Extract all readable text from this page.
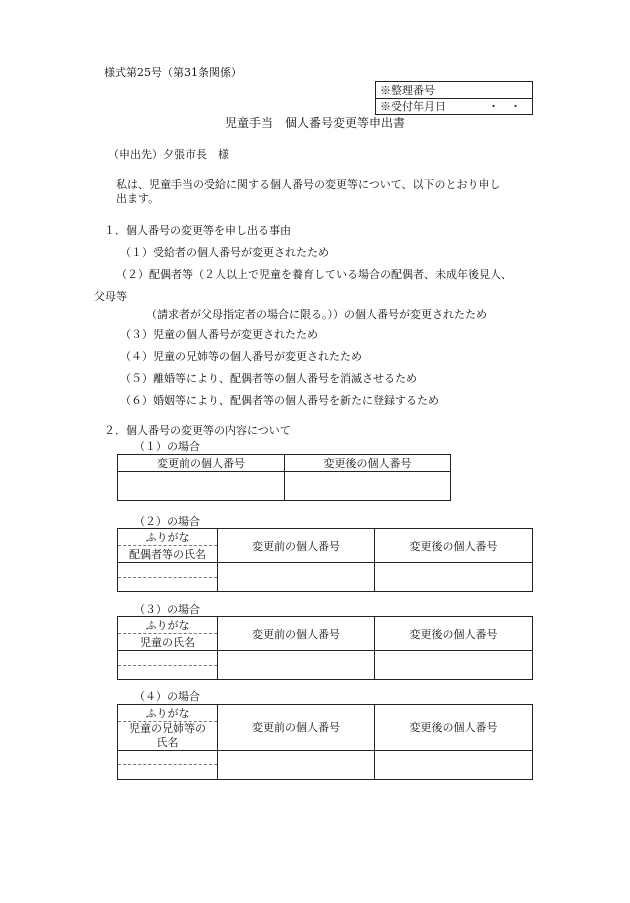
様式第25号（第31条関係）
※整理番号
※受付年月日	・　・
児童手当　個人番号変更等申出書
（申出先）夕張市長　様
私は、児童手当の受給に関する個人番号の変更等について、以下のとおり申し
出ます。
１．個人番号の変更等を申し出る事由
（１）受給者の個人番号が変更されたため
（２）配偶者等（２人以上で児童を養育している場合の配偶者、未成年後見人、
父母等
（請求者が父母指定者の場合に限る。））の個人番号が変更されたため
（３）児童の個人番号が変更されたため
（４）児童の兄姉等の個人番号が変更されたため
（５）離婚等により、配偶者等の個人番号を消滅させるため
（６）婚姻等により、配偶者等の個人番号を新たに登録するため
２．個人番号の変更等の内容について
（１）の場合
変更前の個人番号	変更後の個人番号

（２）の場合
ふりがな
配偶者等の氏名	変更前の個人番号	変更後の個人番号

（３）の場合
ふりがな
児童の氏名	変更前の個人番号	変更後の個人番号

（４）の場合
ふりがな
児童の兄姉等の
氏名	変更前の個人番号	変更後の個人番号
